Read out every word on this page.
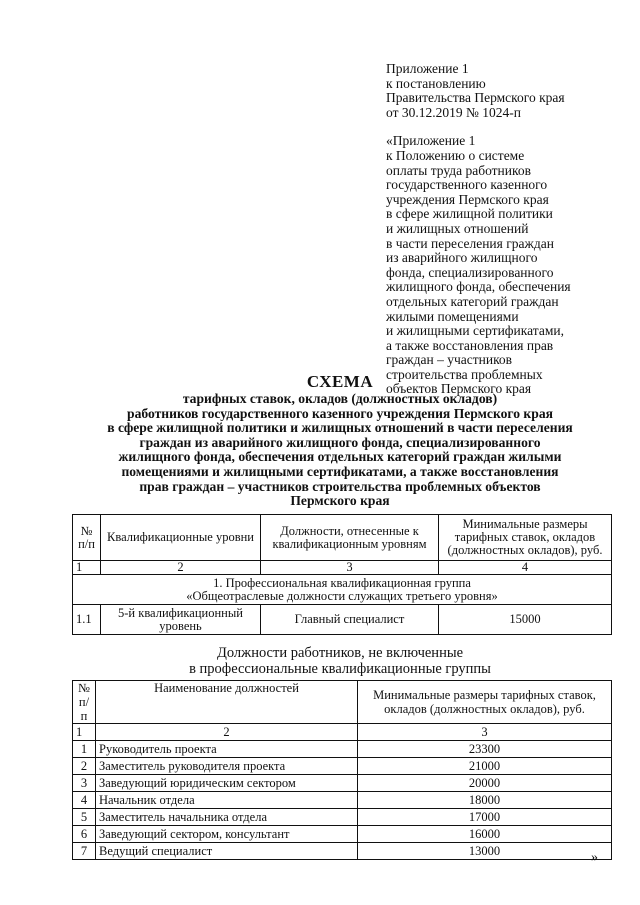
Приложение 1
к постановлению
Правительства Пермского края
от 30.12.2019 № 1024-п
«Приложение 1
к Положению о системе
оплаты труда работников
государственного казенного
учреждения Пермского края
в сфере жилищной политики
и жилищных отношений
в части переселения граждан
из аварийного жилищного
фонда, специализированного
жилищного фонда, обеспечения
отдельных категорий граждан
жилыми помещениями
и жилищными сертификатами,
а также восстановления прав
граждан – участников
строительства проблемных
объектов Пермского края
СХЕМА
тарифных ставок, окладов (должностных окладов)
работников государственного казенного учреждения Пермского края
в сфере жилищной политики и жилищных отношений в части переселения
граждан из аварийного жилищного фонда, специализированного
жилищного фонда, обеспечения отдельных категорий граждан жилыми
помещениями и жилищными сертификатами, а также восстановления
прав граждан – участников строительства проблемных объектов
Пермского края
№ п/п	Квалификационные уровни	Должности, отнесенные к квалификационным уровням	Минимальные размеры тарифных ставок, окладов (должностных окладов), руб.
1	2	3	4

1. Профессиональная квалификационная группа
«Общеотраслевые должности служащих третьего уровня»			

1.1	5-й квалификационный уровень	Главный специалист	15000
Должности работников, не включенные
в профессиональные квалификационные группы
№ п/п	Наименование должностей	Минимальные размеры тарифных ставок, окладов (должностных окладов), руб.
1	2	3
1	Руководитель проекта	23300
2	Заместитель руководителя проекта	21000
3	Заведующий юридическим сектором	20000
4	Начальник отдела	18000
5	Заместитель начальника отдела	17000
6	Заведующий сектором, консультант	16000
7	Ведущий специалист	13000	»
